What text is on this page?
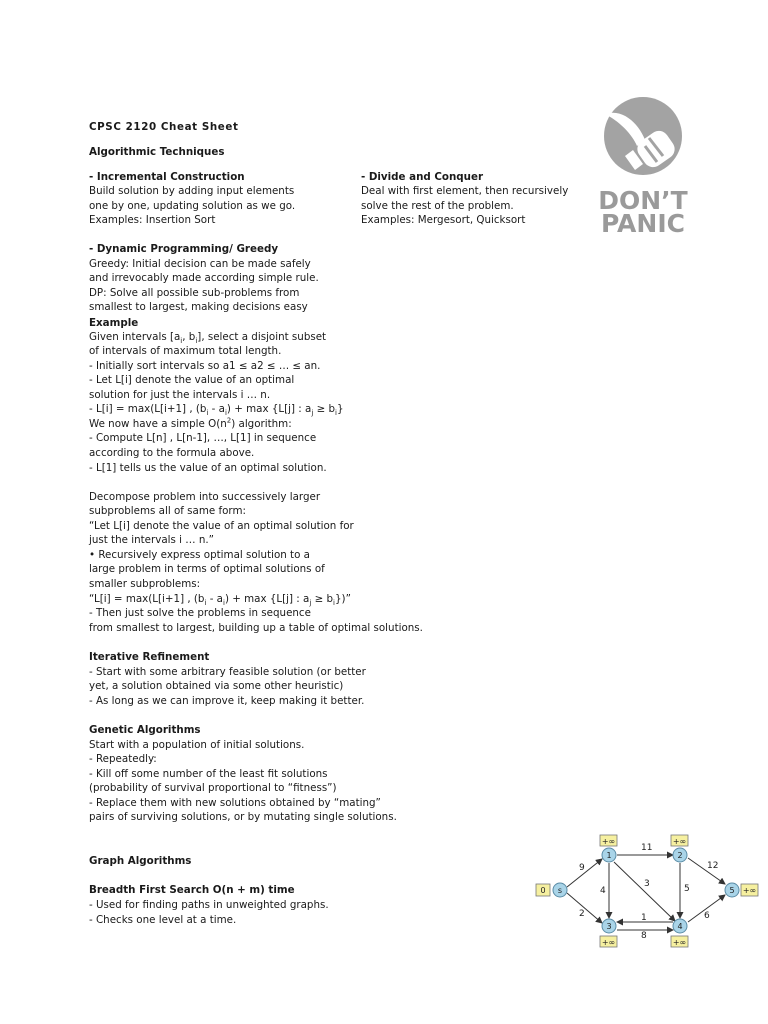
CPSC 2120 Cheat Sheet
Algorithmic Techniques
- Incremental Construction
Build solution by adding input elements
one by one, updating solution as we go.
Examples: Insertion Sort
- Divide and Conquer
Deal with first element, then recursively
solve the rest of the problem.
Examples: Mergesort, Quicksort
- Dynamic Programming/ Greedy
Greedy: Initial decision can be made safely
and irrevocably made according simple rule.
DP: Solve all possible sub-problems from
smallest to largest, making decisions easy
Example
Given intervals [$a_i$, $b_i$], select a disjoint subset
of intervals of maximum total length.
- Initially sort intervals so a1 ≤ a2 ≤ … ≤ an.
- Let L[i] denote the value of an optimal
solution for just the intervals i … n.
- L[i] = max(L[i+1] , $(b_i - a_i) + \max \{L[j]$ : $a_j \ge b_i$}
We now have a simple $O(n^2)$ algorithm:
- Compute L[n] , L[n-1], …, L[1] in sequence
according to the formula above.
- L[1] tells us the value of an optimal solution.
Decompose problem into successively larger
subproblems all of same form:
“Let L[i] denote the value of an optimal solution for
just the intervals i … n.”
• Recursively express optimal solution to a
large problem in terms of optimal solutions of
smaller subproblems:
“L[i] = max(L[i+1] , $(b_i - a_i) + \max \{L[j]$ : $a_j \ge b_i$})”
- Then just solve the problems in sequence
from smallest to largest, building up a table of optimal solutions.
Iterative Refinement
- Start with some arbitrary feasible solution (or better
yet, a solution obtained via some other heuristic)
- As long as we can improve it, keep making it better.
Genetic Algorithms
Start with a population of initial solutions.
- Repeatedly:
- Kill off some number of the least fit solutions
(probability of survival proportional to “fitness”)
- Replace them with new solutions obtained by “mating”
pairs of surviving solutions, or by mutating single solutions.
Graph Algorithms
Breadth First Search O(n + m) time
- Used for finding paths in unweighted graphs.
- Checks one level at a time.
DON’T
PANIC
9
2
11
12
4
3	5
1
8
6
s
1	2
3	4
5
0
+∞	+∞
+∞	+∞
+∞
